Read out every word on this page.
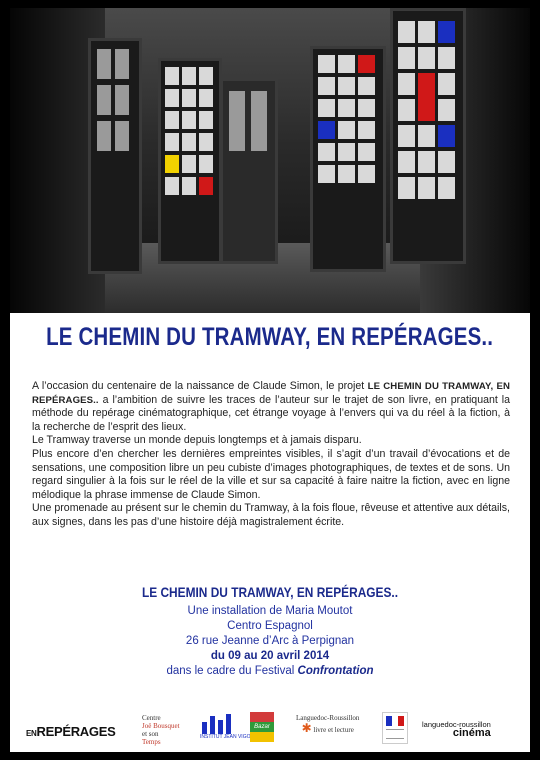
LE CHEMIN DU TRAMWAY, EN REPÉRAGES..

A l’occasion du centenaire de la naissance de Claude Simon, le projet LE CHEMIN DU TRAMWAY, EN REPÉRAGES.. a l’ambition de suivre les traces de l’auteur sur le trajet de son livre, en pratiquant la méthode du repérage cinématographique, cet étrange voyage à l’envers qui va du réel à la fiction, à la recherche de l’esprit des lieux.

Le Tramway traverse un monde depuis longtemps et à jamais disparu.

Plus encore d’en chercher les dernières empreintes visibles, il s’agit d’un travail d’évocations et de sensations, une composition libre un peu cubiste d’images photographiques, de textes et de sons. Un regard singulier à la fois sur le réel de la ville et sur sa capacité à faire naitre la fiction, avec en ligne mélodique la phrase immense de Claude Simon.

Une promenade au présent sur le chemin du Tramway, à la fois floue, rêveuse et attentive aux détails, aux signes, dans les pas d’une histoire déjà magistralement écrite.

LE CHEMIN DU TRAMWAY, EN REPÉRAGES..
Une installation de Maria Moutot
Centro Espagnol
26 rue Jeanne d’Arc à Perpignan
du 09 au 20 avril 2014
dans le cadre du Festival Confrontation
ENREPÉRAGES
Centre
Joë Bousquet
et son
Temps
INSTITUT JEAN VIGO
Bazar
Languedoc-Roussillon
✱ livre et lecture
languedoc-roussillon
cinéma
